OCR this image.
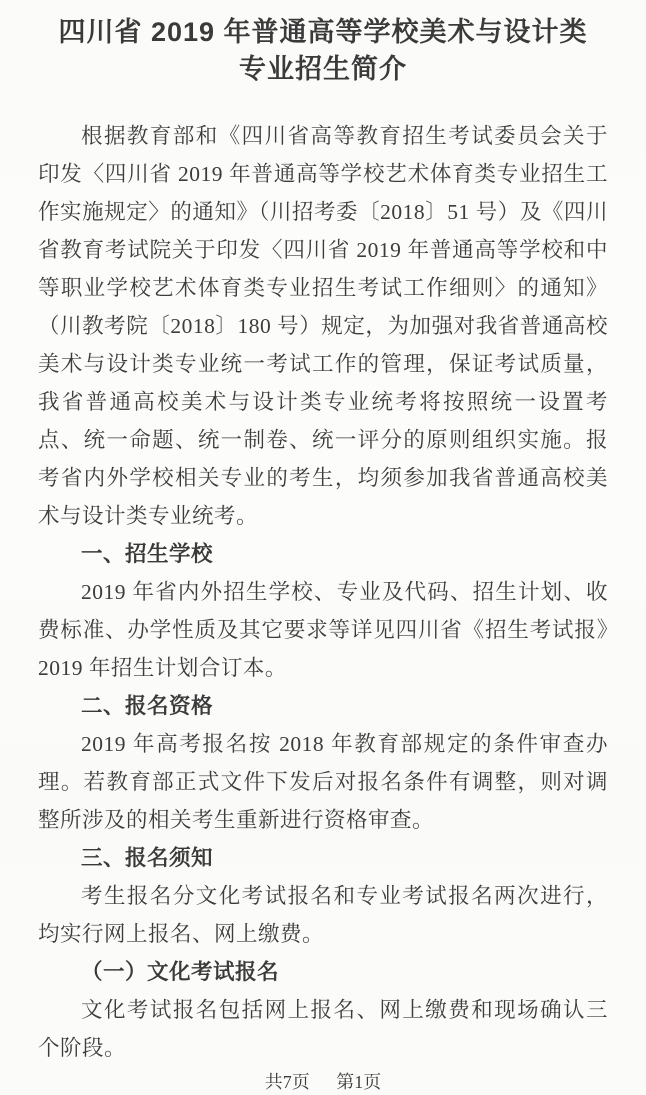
四川省 2019 年普通高等学校美术与设计类
专业招生简介

根据教育部和《四川省高等教育招生考试委员会关于印发〈四川省 2019 年普通高等学校艺术体育类专业招生工作实施规定〉的通知》（川招考委〔2018〕51 号）及《四川省教育考试院关于印发〈四川省 2019 年普通高等学校和中等职业学校艺术体育类专业招生考试工作细则〉的通知》（川教考院〔2018〕180 号）规定，为加强对我省普通高校美术与设计类专业统一考试工作的管理，保证考试质量，我省普通高校美术与设计类专业统考将按照统一设置考点、统一命题、统一制卷、统一评分的原则组织实施。报考省内外学校相关专业的考生，均须参加我省普通高校美术与设计类专业统考。

一、招生学校

2019 年省内外招生学校、专业及代码、招生计划、收费标准、办学性质及其它要求等详见四川省《招生考试报》2019 年招生计划合订本。

二、报名资格

2019 年高考报名按 2018 年教育部规定的条件审查办理。若教育部正式文件下发后对报名条件有调整，则对调整所涉及的相关考生重新进行资格审查。

三、报名须知

考生报名分文化考试报名和专业考试报名两次进行，均实行网上报名、网上缴费。

（一）文化考试报名

文化考试报名包括网上报名、网上缴费和现场确认三个阶段。

共7页 第1页
